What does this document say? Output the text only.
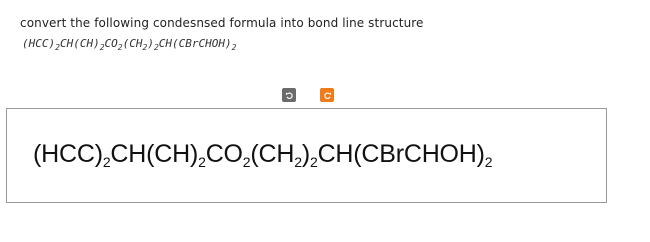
convert the following condesnsed formula into bond line structure
$(HCC)_2CH(CH)_2CO_2(CH_2)_2CH(CBrCHOH)_2$
$(HCC)_2CH(CH)_2CO_2(CH_2)_2CH(CBrCHOH)_2$
